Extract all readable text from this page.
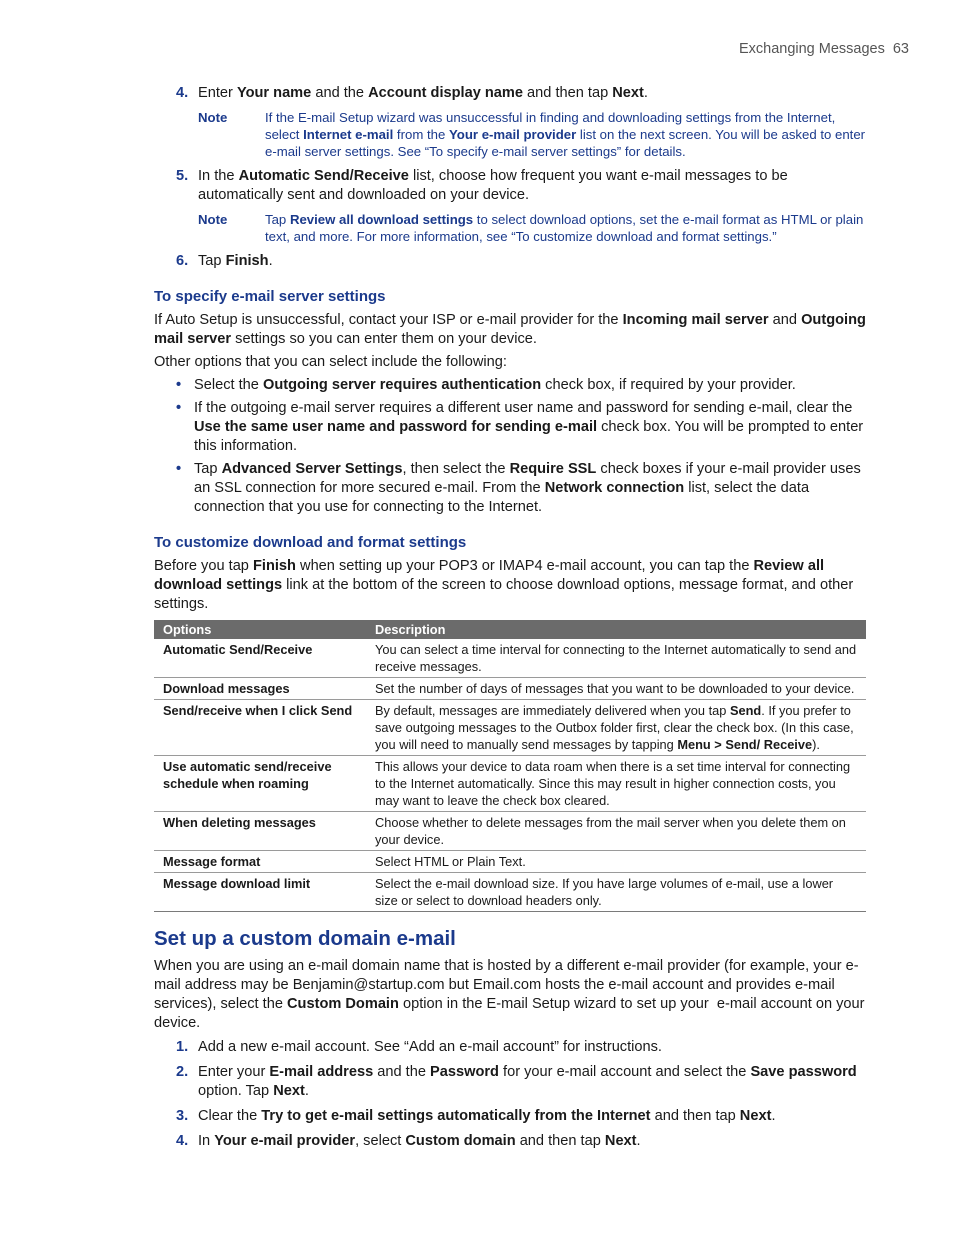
Exchanging Messages 63
4. Enter Your name and the Account display name and then tap Next.
Note	If the E-mail Setup wizard was unsuccessful in finding and downloading settings from the Internet, select Internet e-mail from the Your e-mail provider list on the next screen. You will be asked to enter e-mail server settings. See “To specify e-mail server settings” for details.
5. In the Automatic Send/Receive list, choose how frequent you want e-mail messages to be automatically sent and downloaded on your device.
Note	Tap Review all download settings to select download options, set the e-mail format as HTML or plain text, and more. For more information, see “To customize download and format settings.”
6. Tap Finish.
To specify e-mail server settings
If Auto Setup is unsuccessful, contact your ISP or e-mail provider for the Incoming mail server and Outgoing mail server settings so you can enter them on your device.
Other options that you can select include the following:
• Select the Outgoing server requires authentication check box, if required by your provider.
• If the outgoing e-mail server requires a different user name and password for sending e-mail, clear the Use the same user name and password for sending e-mail check box. You will be prompted to enter this information.
• Tap Advanced Server Settings, then select the Require SSL check boxes if your e-mail provider uses an SSL connection for more secured e-mail. From the Network connection list, select the data connection that you use for connecting to the Internet.
To customize download and format settings
Before you tap Finish when setting up your POP3 or IMAP4 e-mail account, you can tap the Review all download settings link at the bottom of the screen to choose download options, message format, and other settings.
Options	Description
Automatic Send/Receive	You can select a time interval for connecting to the Internet automatically to send and receive messages.
Download messages	Set the number of days of messages that you want to be downloaded to your device.
Send/receive when I click Send	By default, messages are immediately delivered when you tap Send. If you prefer to save outgoing messages to the Outbox folder first, clear the check box. (In this case, you will need to manually send messages by tapping Menu > Send/ Receive).
Use automatic send/receive schedule when roaming	This allows your device to data roam when there is a set time interval for connecting to the Internet automatically. Since this may result in higher connection costs, you may want to leave the check box cleared.
When deleting messages	Choose whether to delete messages from the mail server when you delete them on your device.
Message format	Select HTML or Plain Text.
Message download limit	Select the e-mail download size. If you have large volumes of e-mail, use a lower size or select to download headers only.
Set up a custom domain e-mail
When you are using an e-mail domain name that is hosted by a different e-mail provider (for example, your e-mail address may be Benjamin@startup.com but Email.com hosts the e-mail account and provides e-mail services), select the Custom Domain option in the E-mail Setup wizard to set up your  e-mail account on your device.
1. Add a new e-mail account. See “Add an e-mail account” for instructions.
2. Enter your E-mail address and the Password for your e-mail account and select the Save password option. Tap Next.
3. Clear the Try to get e-mail settings automatically from the Internet and then tap Next.
4. In Your e-mail provider, select Custom domain and then tap Next.
